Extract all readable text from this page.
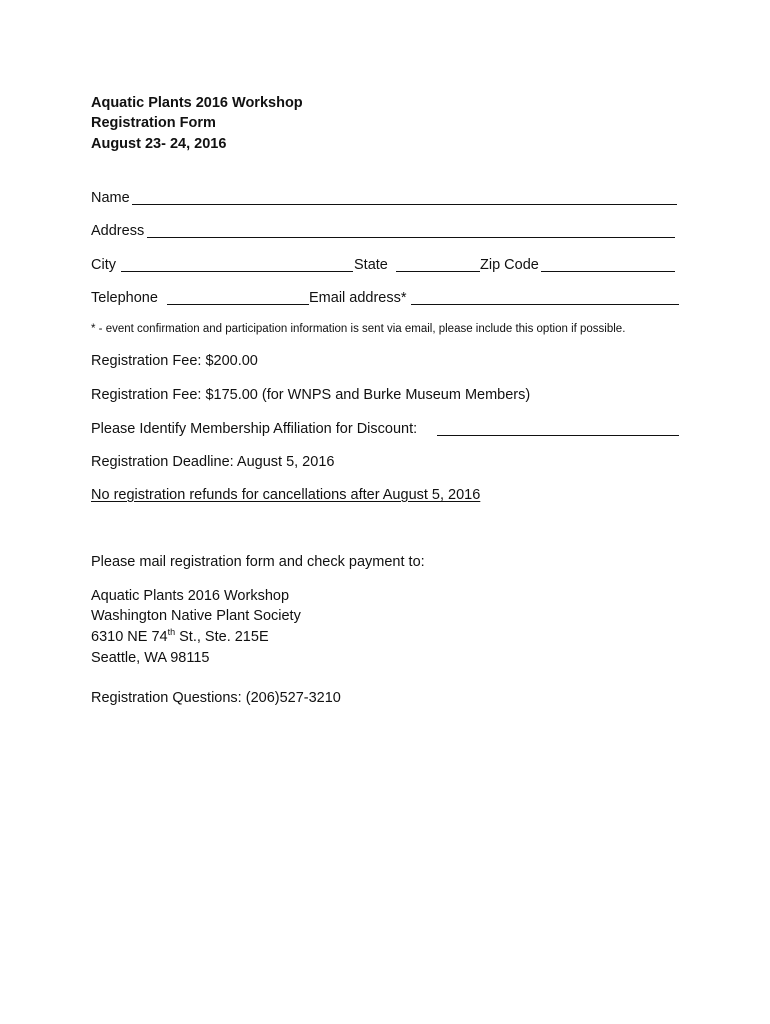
Aquatic Plants 2016 Workshop
Registration Form
August 23- 24, 2016
Name
Address
City	State	Zip Code
Telephone	Email address*
* - event confirmation and participation information is sent via email, please include this option if possible.
Registration Fee: $200.00
Registration Fee: $175.00 (for WNPS and Burke Museum Members)
Please Identify Membership Affiliation for Discount:
Registration Deadline: August 5, 2016
No registration refunds for cancellations after August 5, 2016
Please mail registration form and check payment to:
Aquatic Plants 2016 Workshop
Washington Native Plant Society
6310 NE 74th St., Ste. 215E
Seattle, WA 98115
Registration Questions: (206)527-3210
